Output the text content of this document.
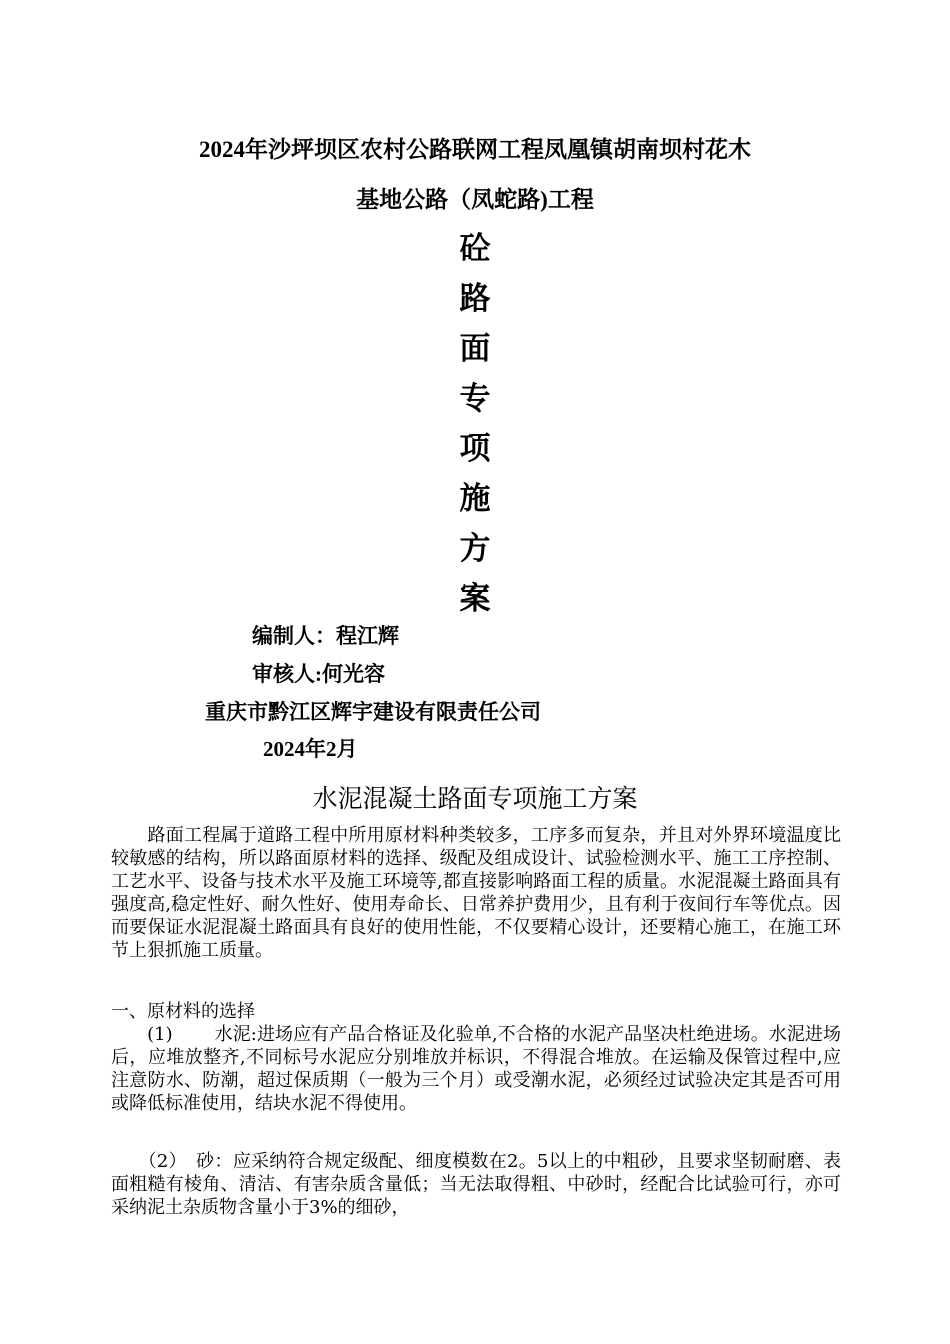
2024年沙坪坝区农村公路联网工程凤凰镇胡南坝村花木
基地公路（凤蛇路)工程
砼
路
面
专
项
施
方
案
编制人：程江辉
审核人:何光容
重庆市黔江区辉宇建设有限责任公司
2024年2月
水泥混凝土路面专项施工方案

　　路面工程属于道路工程中所用原材料种类较多，工序多而复杂，并且对外界环境温度比较敏感的结构，所以路面原材料的选择、级配及组成设计、试验检测水平、施工工序控制、工艺水平、设备与技术水平及施工环境等,都直接影响路面工程的质量。水泥混凝土路面具有强度高,稳定性好、耐久性好、使用寿命长、日常养护费用少，且有利于夜间行车等优点。因而要保证水泥混凝土路面具有良好的使用性能，不仅要精心设计，还要精心施工，在施工环节上狠抓施工质量。

一、原材料的选择

　　(1)　　 水泥:进场应有产品合格证及化验单,不合格的水泥产品坚决杜绝进场。水泥进场后，应堆放整齐,不同标号水泥应分别堆放并标识，不得混合堆放。在运输及保管过程中,应注意防水、防潮，超过保质期（一般为三个月）或受潮水泥，必须经过试验决定其是否可用或降低标准使用，结块水泥不得使用。

　　（2）　砂：应采纳符合规定级配、细度模数在2。5以上的中粗砂，且要求坚韧耐磨、表面粗糙有棱角、清洁、有害杂质含量低；当无法取得粗、中砂时，经配合比试验可行，亦可采纳泥土杂质物含量小于3%的细砂，
